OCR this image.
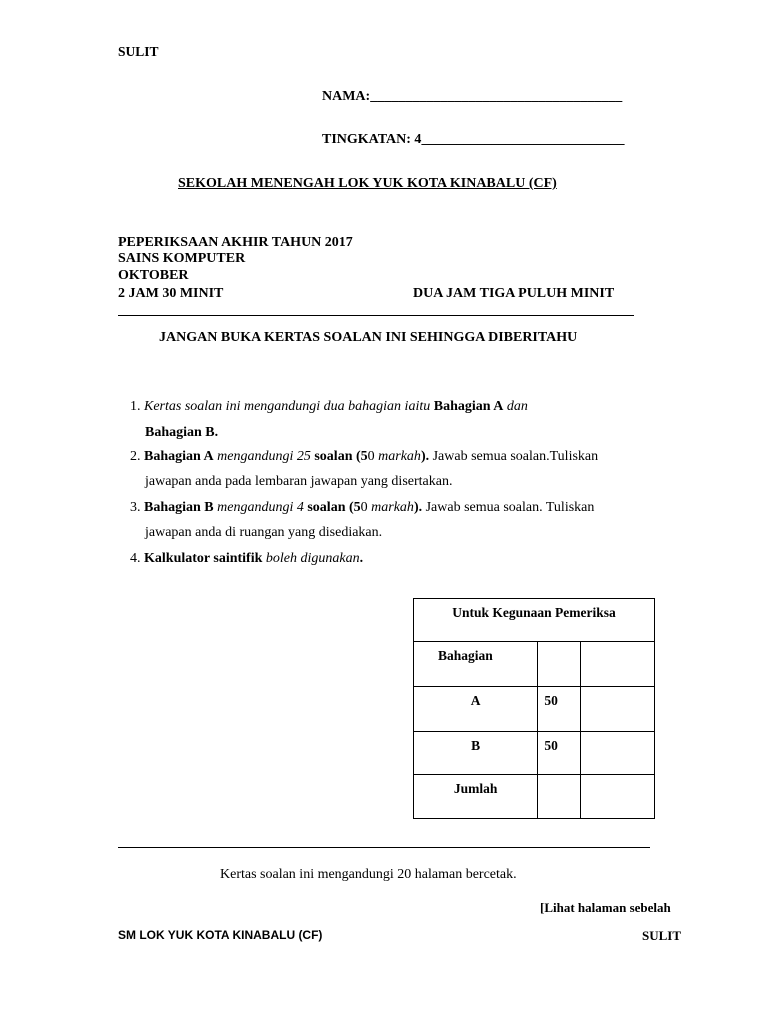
SULIT
NAMA:____________________________________
TINGKATAN: 4_____________________________
SEKOLAH MENENGAH LOK YUK KOTA KINABALU (CF)
PEPERIKSAAN AKHIR TAHUN 2017
SAINS KOMPUTER
OKTOBER
2 JAM 30 MINIT	DUA JAM TIGA PULUH MINIT
JANGAN BUKA KERTAS SOALAN INI SEHINGGA DIBERITAHU
1. Kertas soalan ini mengandungi dua bahagian iaitu Bahagian A dan
Bahagian B.
2. Bahagian A mengandungi 25 soalan (50 markah). Jawab semua soalan.Tuliskan
jawapan anda pada lembaran jawapan yang disertakan.
3. Bahagian B mengandungi 4 soalan (50 markah). Jawab semua soalan. Tuliskan
jawapan anda di ruangan yang disediakan.
4. Kalkulator saintifik boleh digunakan.
Untuk Kegunaan Pemeriksa		
Bahagian		
A	50	
B	50	
Jumlah		
Kertas soalan ini mengandungi 20 halaman bercetak.
[Lihat halaman sebelah
SM LOK YUK KOTA KINABALU (CF)	SULIT
